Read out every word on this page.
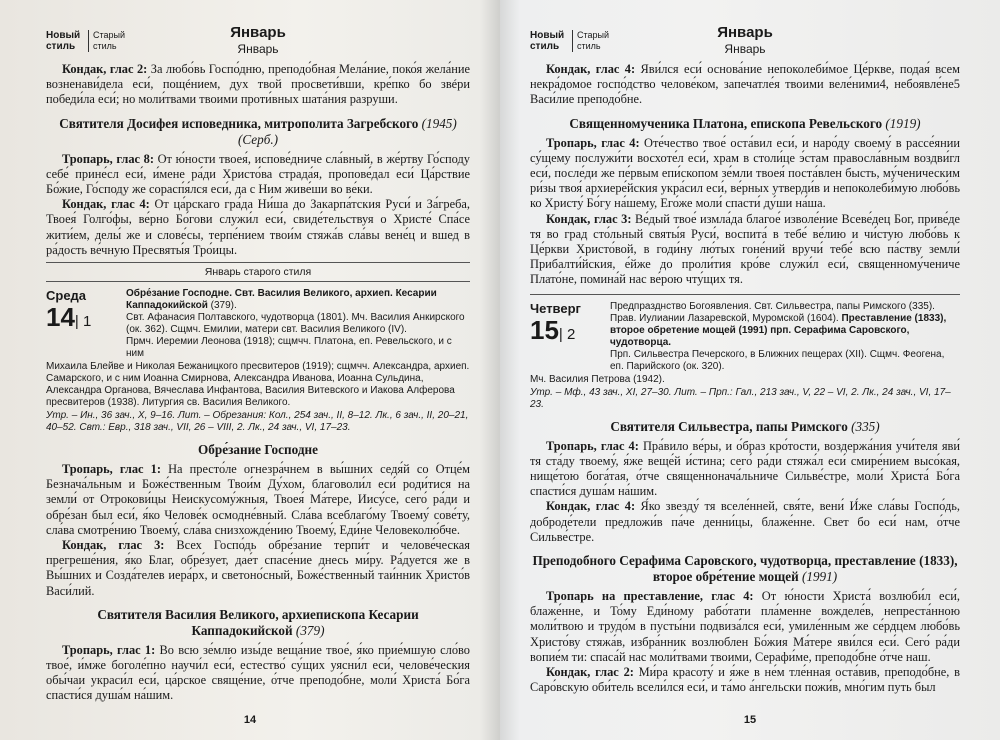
Новый стильСтарый стиль
Январь
Январь

Кондак, глас 2: За любо́вь Госпо́дню, преподо́бная Мела́ние, поко́я жела́ние возненави́дела еси́, пощéнием, дух твой просвети́вши, кре́пко бо звéри победи́ла еси́; но моли́твами твоими проти́вных шата́ния разруши.

Святителя Досифея исповедника, митрополита Загребского (1945) (Серб.)

Тропарь, глас 8: От ю́ности твоея́, испове́дниче сла́вный, в же́ртву Го́споду себе́ прине́сл еси́, и́мене ра́ди Христо́ва страда́я, пропове́дал еси́ Ца́рствие Бо́жие, Го́споду же сорасп́я́лся еси́, да с Ним живе́ши во ве́ки.

Кондак, глас 4: От ца́рскаго гра́да Ни́ша до Закарпа́тския Руси́ и За́греба, Твоея́ Голго́фы, ве́рно Бо́гови служи́л еси́, свиде́тельствуя о Христе́ Спа́се жити́ем, делы́ же и слове́сы, терпе́нием твои́м стяжа́в сла́вы вене́ц и вшед в ра́дость ве́чную Пресвяты́я Тро́ицы.

Январь старого стиля
Среда
14| 1
Обре́зание Господне. Свт. Василия Великого, архиеп. Кесарии Каппадокийской (379).
Свт. Афанасия Полтавского, чудотворца (1801). Мч. Василия Анкирского (ок. 362). Сщмч. Емилии, матери свт. Василия Великого (IV).
Прмч. Иеремии Леонова (1918); сщмчч. Платона, еп. Ревельского, и с ним
Михаила Блейве и Николая Бежаницкого пресвитеров (1919); сщмчч. Александра, архиеп. Самарского, и с ним Иоанна Смирнова, Александра Иванова, Иоанна Сульдина, Александра Органова, Вячеслава Инфантова, Василия Витевского и Иакова Алферова пресвитеров (1938). Литургия св. Василия Великого.
Утр. – Ин., 36 зач., X, 9–16. Лит. – Обрезания: Кол., 254 зач., II, 8–12. Лк., 6 зач., II, 20–21, 40–52. Свт.: Евр., 318 зач., VII, 26 – VIII, 2. Лк., 24 зач., VI, 17–23.
Обре́зание Господне

Тропарь, глас 1: На престо́ле огнезра́чнем в вы́шних седя́й со Отце́м Безнача́льным и Боже́ственным Твои́м Ду́хом, благоволи́л еси́ роди́тися на земли́ от Отрокови́цы Неискусому́жныя, Твоея́ Ма́тере, Иису́се, сего́ ра́ди и обре́зан был еси́, я́ко Челове́к осмодне́вный. Сла́ва всеблаго́му Твоему́ сове́ту, сла́ва смотре́нию Твоему́, сла́ва снизхожде́нию Твоему́, Еди́не Человеколю́бче.

Кондак, глас 3: Всех Госпо́дь обре́зание терпи́т и челове́ческая прегреше́ния, я́ко Благ, обре́зует, дае́т спасе́ние днесь ми́ру. Ра́дуется же в Вы́шних и Созда́телев иера́рх, и светоно́сный, Боже́ственный таи́нник Христо́в Васи́лий.

Святителя Василия Великого, архиепископа Кесарии Каппадокийской (379)

Тропарь, глас 1: Во всю зе́млю изы́де веща́ние твое́, я́ко прие́мшую сло́во твое́, и́мже боголе́пно научи́л еси́, естество́ су́щих уясни́л еси́, челове́ческия обы́чаи украси́л еси́, ца́рское свяще́ние, о́тче преподо́бне, моли́ Христа́ Бо́га спасти́ся душа́м на́шим.

14
Новый стильСтарый стиль
Январь
Январь

Кондак, глас 4: Яви́лся еси́ основа́ние непоколеби́мое Це́ркве, подая́ всем некра́домое госпо́дство челове́ком, запечатле́я твоими веле́ними4, небоявле́не5 Васи́лие преподо́бне.

Священномученика Платона, епископа Ревельского (1919)

Тропарь, глас 4: Оте́чество твое́ оста́вил еси́, и наро́ду своему́ в рассе́янии су́щему послужи́ти восхоте́л еси́, храм в столи́це э́стам правосла́вным воздви́гл еси́, после́ди же пе́рвым епи́скопом зе́мли твоея́ поста́влен бысть, му́ченическим ри́зы твоя́ архиере́йския укра́сил еси́, ве́рных утверди́в и непоколеби́мую любо́вь ко Христу́ Бо́гу на́шему, Его́же моли́ спасти́ ду́ши на́ша.

Кондак, глас 3: Ве́дый твое́ измла́да благое́ изволе́ние Всеве́дец Бог, приве́де тя во град сто́льный святы́я Руси́, воспита́ в тебе́ ве́лию и чи́стую любо́вь к Це́ркви Христо́вой, в годи́ну лю́тых гоне́ний вручи́ тебе́ всю па́ству земли́ Прибалти́йския, е́йже до проли́тия кро́ве служи́л еси́, священному́чениче Плато́не, помина́й нас ве́рою чту́щих тя.

Четверг
15| 2
Предпразднство Богоявления. Свт. Сильвестра, папы Римского (335). Прав. Иулиании Лазаревской, Муромской (1604). Преставление (1833), второе обретение мощей (1991) прп. Серафима Саровского, чудотворца.
Прп. Сильвестра Печерского, в Ближних пещерах (XII). Сщмч. Феогена, еп. Парийского (ок. 320).
Мч. Василия Петрова (1942).
Утр. – Мф., 43 зач., XI, 27–30. Лит. – Прп.: Гал., 213 зач., V, 22 – VI, 2. Лк., 24 зач., VI, 17–23.
Святителя Сильвестра, папы Римского (335)

Тропарь, глас 4: Пра́вило ве́ры, и о́браз кро́тости, воздержа́ния учи́теля яви́ тя ста́ду твоему́, я́же веще́й и́стина; сего́ ра́ди стяжа́л еси́ смире́нием высо́кая, нище́тою бога́тая, о́тче священнонача́льниче Сильве́стре, моли́ Христа́ Бо́га спасти́ся душа́м на́шим.

Кондак, глас 4: Я́ко звезду́ тя вселе́нней, свя́те, вени́ И́же сла́вы Госпо́дь, доброде́тели предложи́в па́че денни́цы, блаже́нне. Свет бо еси́ нам, о́тче Сильве́стре.

Преподобного Серафима Саровского, чудотворца, преставление (1833), второе обре́тение мощей (1991)

Тропарь на преставление, глас 4: От ю́ности Христа́ возлюби́л еси́, блаже́нне, и То́му Еди́ному рабо́тати пла́менне вожделе́в, непреста́нною моли́твою и трудо́м в пусты́ни подвиза́лся еси́, умиле́нным же се́рдцем любо́вь Христо́ву стяжа́в, избра́нник возлюблен Бо́жия Ма́тере яви́лся еси́. Сего́ ра́ди вопие́м ти: спаса́й нас моли́твами твоими, Серафи́ме, преподо́бне о́тче наш.

Кондак, глас 2: Ми́ра красоту́ и я́же в не́м тле́нная оста́вив, преподо́бне, в Саро́вскую оби́тель всели́лся еси́, и та́мо а́нгельски пожи́в, мно́гим путь был

15
